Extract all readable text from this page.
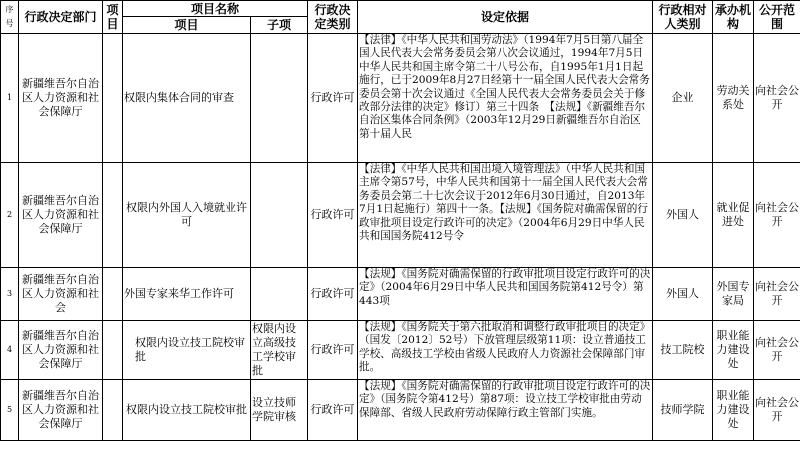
序号	行政决定部门	项目	项目名称		行政决定类别	设定依据	行政相对人类别	承办机构	公开范围
			项目	子项					
1	新疆维吾尔自治区人力资源和社会保障厅		权限内集体合同的审查		行政许可	【法律】《中华人民共和国劳动法》（1994年7月5日第八届全国人民代表大会常务委员会第八次会议通过，1994年7月5日中华人民共和国主席令第二十八号公布，自1995年1月1日起施行，已于2009年8月27日经第十一届全国人民代表大会常务委员会第十次会议通过《全国人民代表大会常务委员会关于修改部分法律的决定》修订）第三十四条　【法规】《新疆维吾尔自治区集体合同条例》（2003年12月29日新疆维吾尔自治区第十届人民	企业	劳动关系处	向社会公开
2	新疆维吾尔自治区人力资源和社会保障厅		权限内外国人入境就业许可		行政许可	【法律】《中华人民共和国出境入境管理法》（中华人民共和国主席令第57号，中华人民共和国第十一届全国人民代表大会常务委员会第二十七次会议于2012年6月30日通过，自2013年7月1日起施行）第四十一条。【法规】《国务院对确需保留的行政审批项目设定行政许可的决定》（2004年6月29日中华人民共和国国务院412号令	外国人	就业促进处	向社会公开
3	新疆维吾尔自治区人力资源和社会		外国专家来华工作许可		行政许可	【法规】《国务院对确需保留的行政审批项目设定行政许可的决定》（2004年6月29日中华人民共和国国务院第412号令）第443项	外国人	外国专家局	向社会公开
4	新疆维吾尔自治区人力资源和社会保障厅		权限内设立技工院校审批	权限内设立高级技工学校审批	行政许可	【法规】《国务院关于第六批取消和调整行政审批项目的决定》（国发〔2012〕52号）下放管理层级第11项：设立普通技工学校、高级技工学校由省级人民政府人力资源社会保障部门审批。	技工院校	职业能力建设处	向社会公开
5	新疆维吾尔自治区人力资源和社会保障厅		权限内设立技工院校审批	设立技师学院审核	行政许可	【法规】《国务院对确需保留的行政审批项目设定行政许可的决定》（国务院令第412号）第87项：设立技工学校审批由劳动保障部、省级人民政府劳动保障行政主管部门实施。	技师学院	职业能力建设处	向社会公开
